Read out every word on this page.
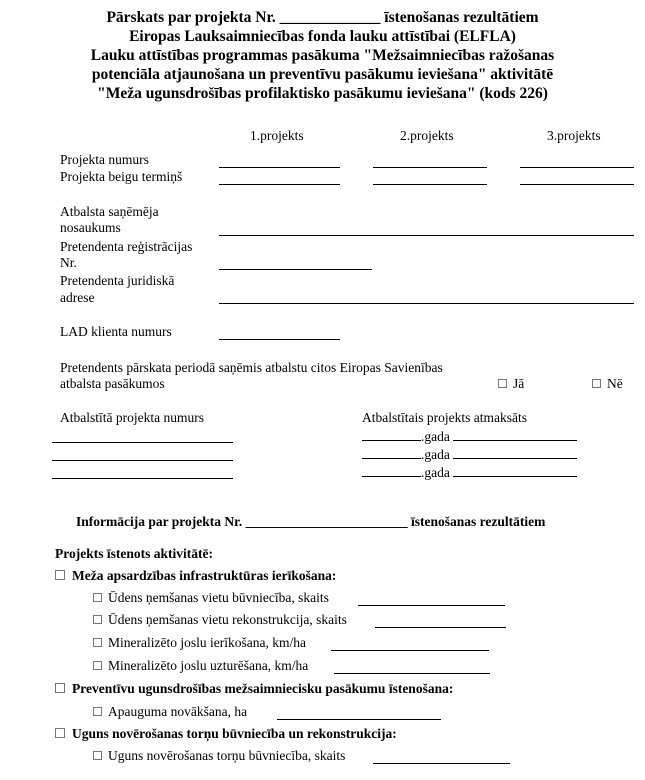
Pārskats par projekta Nr. _____________ īstenošanas rezultātiem
Eiropas Lauksaimniecības fonda lauku attīstībai (ELFLA)
Lauku attīstības programmas pasākuma "Mežsaimniecības ražošanas
potenciāla atjaunošana un preventīvu pasākumu ieviešana" aktivitātē
"Meža ugunsdrošības profilaktisko pasākumu ieviešana" (kods 226)
1.projekts	2.projekts	3.projekts
Projekta numurs
Projekta beigu termiņš
Atbalsta saņēmēja
nosaukums
Pretendenta reģistrācijas
Nr.
Pretendenta juridiskā
adrese
LAD klienta numurs
Pretendents pārskata periodā saņēmis atbalstu citos Eiropas Savienības
atbalsta pasākumos	Jā	Nē
Atbalstītā projekta numurs	Atbalstītais projekts atmaksāts
.gada
.gada
.gada
Informācija par projekta Nr. ________________________ īstenošanas rezultātiem
Projekts īstenots aktivitātē:
Meža apsardzības infrastruktūras ierīkošana:
Ūdens ņemšanas vietu būvniecība, skaits
Ūdens ņemšanas vietu rekonstrukcija, skaits
Mineralizēto joslu ierīkošana, km/ha
Mineralizēto joslu uzturēšana, km/ha
Preventīvu ugunsdrošības mežsaimniecisku pasākumu īstenošana:
Apauguma novākšana, ha
Uguns novērošanas torņu būvniecība un rekonstrukcija:
Uguns novērošanas torņu būvniecība, skaits
